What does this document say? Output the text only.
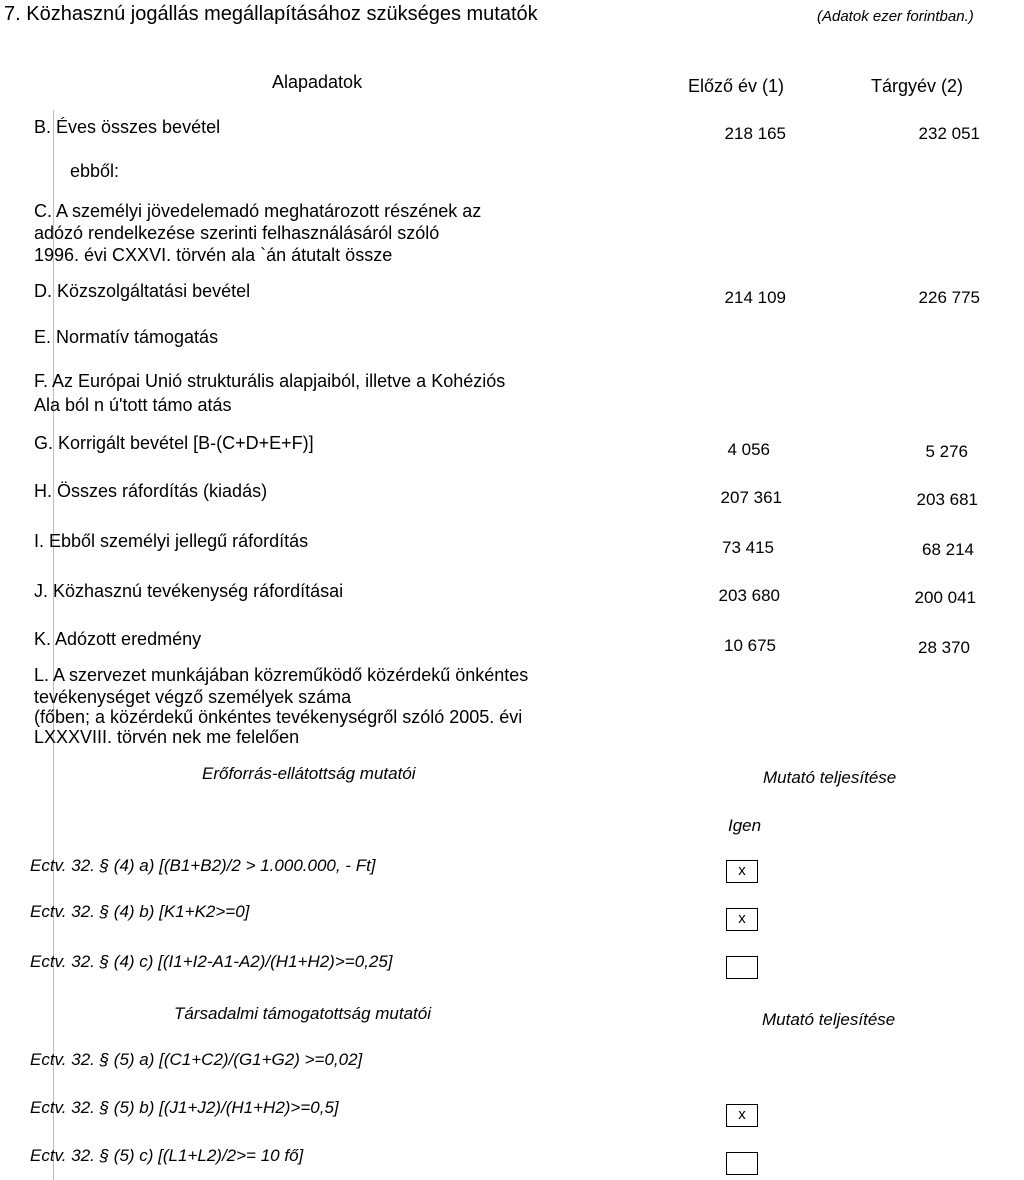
7. Közhasznú jogállás megállapításához szükséges mutatók	(Adatok ezer forintban.)
Alapadatok	Előző év (1)	Tárgyév (2)
B. Éves összes bevétel	218 165	232 051
ebből:
C. A személyi jövedelemadó meghatározott részének az
adózó rendelkezése szerinti felhasználásáról szóló
1996. évi CXXVI. törvén ala `án átutalt össze
D. Közszolgáltatási bevétel	214 109	226 775
E. Normatív támogatás
F. Az Európai Unió strukturális alapjaiból, illetve a Kohéziós
Ala ból n ú'tott támo atás
G. Korrigált bevétel [B-(C+D+E+F)]	4 056	5 276
H. Összes ráfordítás (kiadás)	207 361	203 681
I. Ebből személyi jellegű ráfordítás	73 415	68 214
J. Közhasznú tevékenység ráfordításai	203 680	200 041
K. Adózott eredmény	10 675	28 370
L. A szervezet munkájában közreműködő közérdekű önkéntes
tevékenységet végző személyek száma
(főben; a közérdekű önkéntes tevékenységről szóló 2005. évi
LXXXVIII. törvén nek me felelően
Erőforrás-ellátottság mutatói	Mutató teljesítése
Igen
Ectv. 32. § (4) a) [(B1+B2)/2 > 1.000.000, - Ft]	x
Ectv. 32. § (4) b) [K1+K2>=0]	x
Ectv. 32. § (4) c) [(I1+I2-A1-A2)/(H1+H2)>=0,25]
Társadalmi támogatottság mutatói	Mutató teljesítése
Ectv. 32. § (5) a) [(C1+C2)/(G1+G2) >=0,02]
Ectv. 32. § (5) b) [(J1+J2)/(H1+H2)>=0,5]	x
Ectv. 32. § (5) c) [(L1+L2)/2>= 10 fő]
